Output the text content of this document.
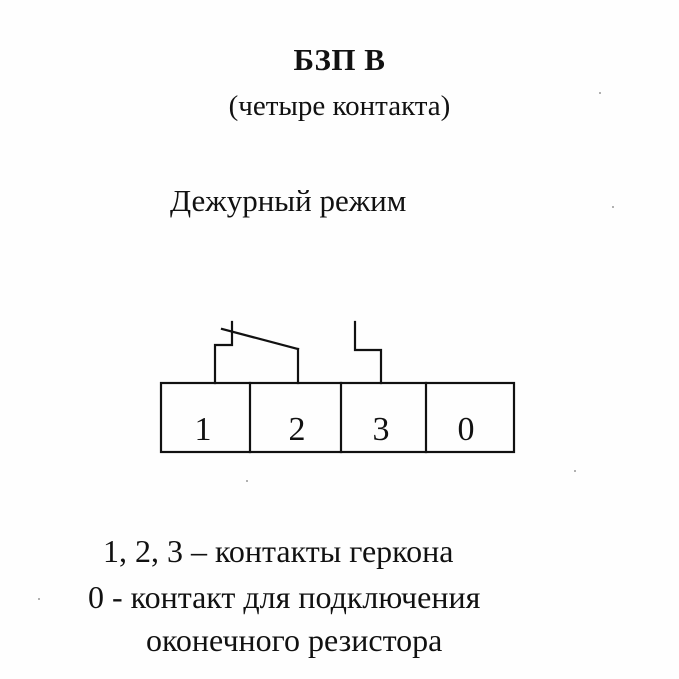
БЗП В
(четыре контакта)
Дежурный режим
1 2 3 0
1, 2, 3 – контакты геркона
0 - контакт для подключения
оконечного резистора
